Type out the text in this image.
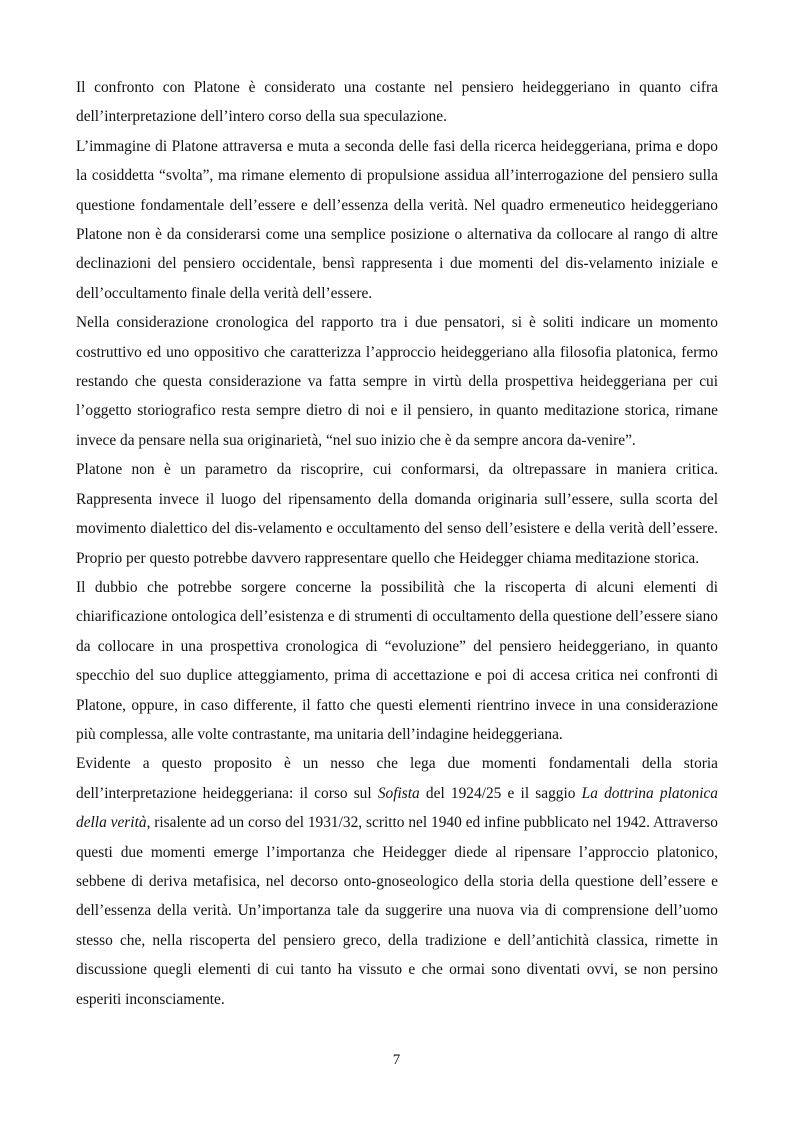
Il confronto con Platone è considerato una costante nel pensiero heideggeriano in quanto cifra dell’interpretazione dell’intero corso della sua speculazione.

L’immagine di Platone attraversa e muta a seconda delle fasi della ricerca heideggeriana, prima e dopo la cosiddetta “svolta”, ma rimane elemento di propulsione assidua all’interrogazione del pensiero sulla questione fondamentale dell’essere e dell’essenza della verità. Nel quadro ermeneutico heideggeriano Platone non è da considerarsi come una semplice posizione o alternativa da collocare al rango di altre declinazioni del pensiero occidentale, bensì rappresenta i due momenti del dis-velamento iniziale e dell’occultamento finale della verità dell’essere.

Nella considerazione cronologica del rapporto tra i due pensatori, si è soliti indicare un momento costruttivo ed uno oppositivo che caratterizza l’approccio heideggeriano alla filosofia platonica, fermo restando che questa considerazione va fatta sempre in virtù della prospettiva heideggeriana per cui l’oggetto storiografico resta sempre dietro di noi e il pensiero, in quanto meditazione storica, rimane invece da pensare nella sua originarietà, “nel suo inizio che è da sempre ancora da-venire”.

Platone non è un parametro da riscoprire, cui conformarsi, da oltrepassare in maniera critica. Rappresenta invece il luogo del ripensamento della domanda originaria sull’essere, sulla scorta del movimento dialettico del dis-velamento e occultamento del senso dell’esistere e della verità dell’essere. Proprio per questo potrebbe davvero rappresentare quello che Heidegger chiama meditazione storica.

Il dubbio che potrebbe sorgere concerne la possibilità che la riscoperta di alcuni elementi di chiarificazione ontologica dell’esistenza e di strumenti di occultamento della questione dell’essere siano da collocare in una prospettiva cronologica di “evoluzione” del pensiero heideggeriano, in quanto specchio del suo duplice atteggiamento, prima di accettazione e poi di accesa critica nei confronti di Platone, oppure, in caso differente, il fatto che questi elementi rientrino invece in una considerazione più complessa, alle volte contrastante, ma unitaria dell’indagine heideggeriana.

Evidente a questo proposito è un nesso che lega due momenti fondamentali della storia dell’interpretazione heideggeriana: il corso sul Sofista del 1924/25 e il saggio La dottrina platonica della verità, risalente ad un corso del 1931/32, scritto nel 1940 ed infine pubblicato nel 1942. Attraverso questi due momenti emerge l’importanza che Heidegger diede al ripensare l’approccio platonico, sebbene di deriva metafisica, nel decorso onto-gnoseologico della storia della questione dell’essere e dell’essenza della verità. Un’importanza tale da suggerire una nuova via di comprensione dell’uomo stesso che, nella riscoperta del pensiero greco, della tradizione e dell’antichità classica, rimette in discussione quegli elementi di cui tanto ha vissuto e che ormai sono diventati ovvi, se non persino esperiti inconsciamente.

7
